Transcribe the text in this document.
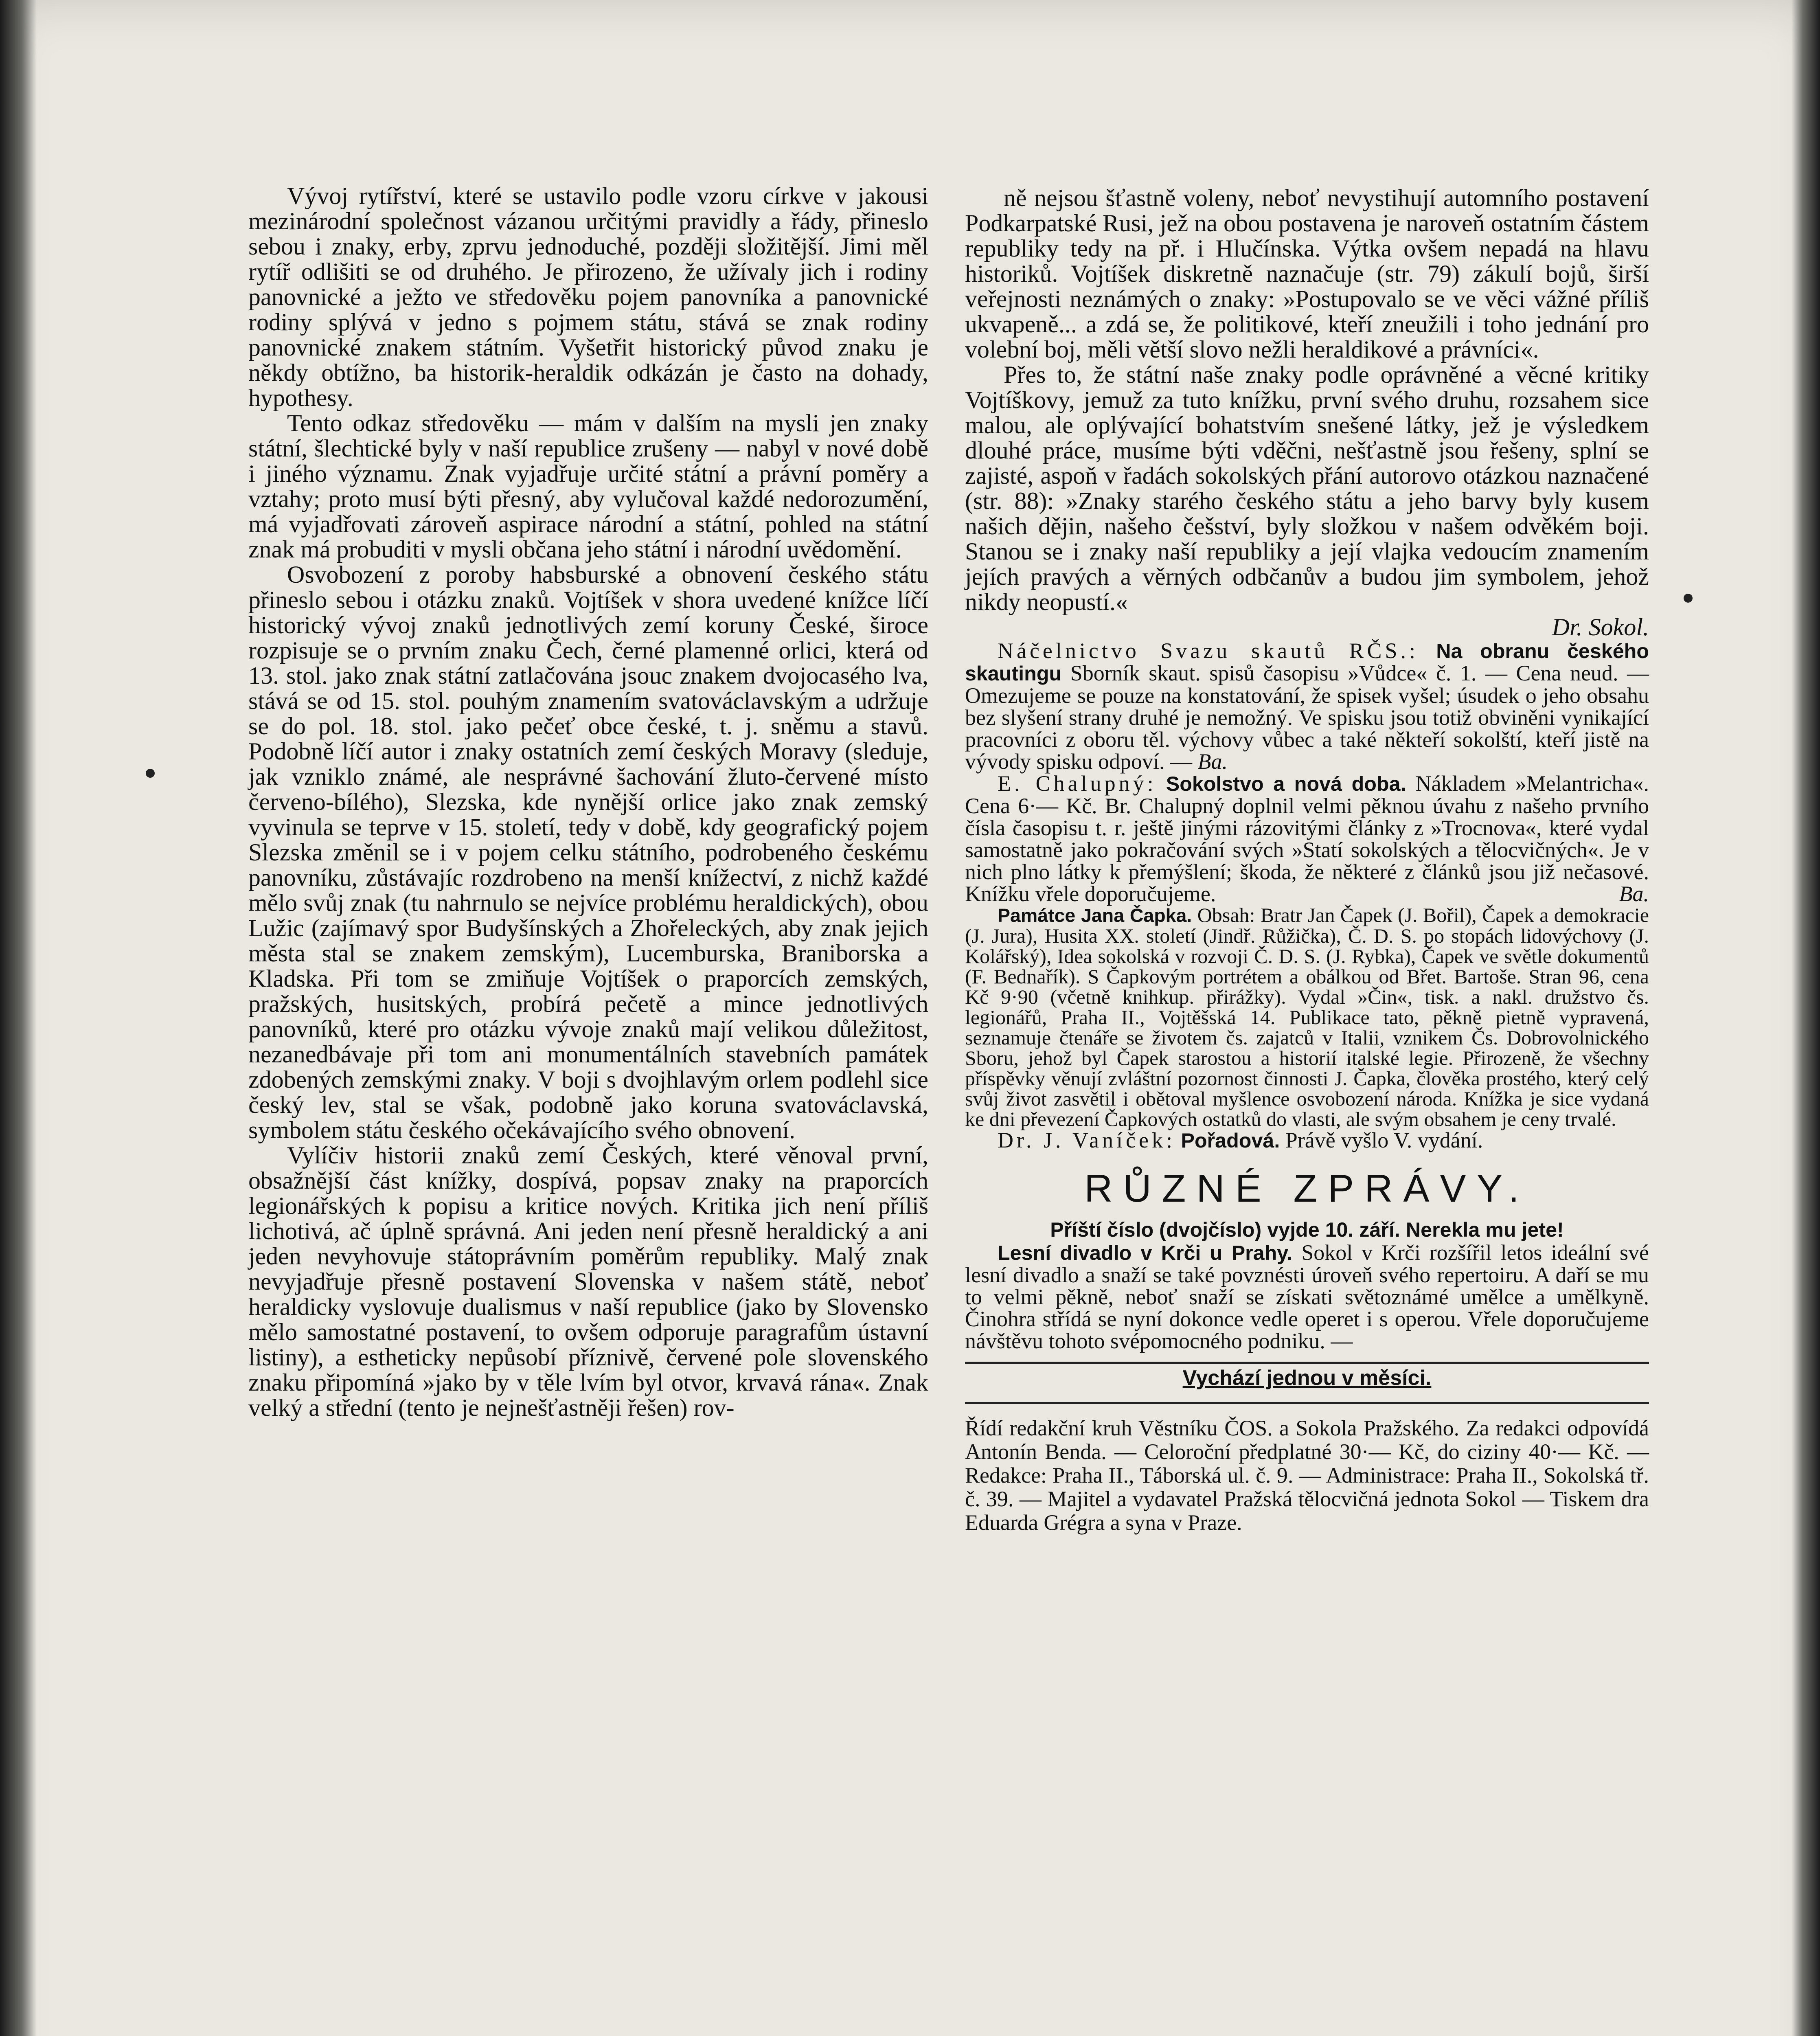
Vývoj rytířství, které se ustavilo podle vzoru církve v jakousi mezinárodní společnost vázanou určitými pravidly a řády, přineslo sebou i znaky, erby, zprvu jednoduché, později složitější. Jimi měl rytíř odlišiti se od druhého. Je přirozeno, že užívaly jich i rodiny panovnické a ježto ve středověku pojem panovníka a panovnické rodiny splývá v jedno s pojmem státu, stává se znak rodiny panovnické znakem státním. Vyšetřit historický původ znaku je někdy obtížno, ba historik-heraldik odkázán je často na dohady, hypothesy.

Tento odkaz středověku — mám v dalším na mysli jen znaky státní, šlechtické byly v naší republice zrušeny — nabyl v nové době i jiného významu. Znak vyjadřuje určité státní a právní poměry a vztahy; proto musí býti přesný, aby vylučoval každé nedorozumění, má vyjadřovati zároveň aspirace národní a státní, pohled na státní znak má probuditi v mysli občana jeho státní i národní uvědomění.

Osvobození z poroby habsburské a obnovení českého státu přineslo sebou i otázku znaků. Vojtíšek v shora uvedené knížce líčí historický vývoj znaků jednotlivých zemí koruny České, široce rozpisuje se o prvním znaku Čech, černé plamenné orlici, která od 13. stol. jako znak státní zatlačována jsouc znakem dvojocasého lva, stává se od 15. stol. pouhým znamením svatováclavským a udržuje se do pol. 18. stol. jako pečeť obce české, t. j. sněmu a stavů. Podobně líčí autor i znaky ostatních zemí českých Moravy (sleduje, jak vzniklo známé, ale nesprávné šachování žluto-červené místo červeno-bílého), Slezska, kde nynější orlice jako znak zemský vyvinula se teprve v 15. století, tedy v době, kdy geografický pojem Slezska změnil se i v pojem celku státního, podrobeného českému panovníku, zůstávajíc rozdrobeno na menší knížectví, z nichž každé mělo svůj znak (tu nahrnulo se nejvíce problému heraldických), obou Lužic (zajímavý spor Budyšínských a Zhořeleckých, aby znak jejich města stal se znakem zemským), Lucemburska, Braniborska a Kladska. Při tom se zmiňuje Vojtíšek o praporcích zemských, pražských, husitských, probírá pečetě a mince jednotlivých panovníků, které pro otázku vývoje znaků mají velikou důležitost, nezanedbávaje při tom ani monumentálních stavebních památek zdobených zemskými znaky. V boji s dvojhlavým orlem podlehl sice český lev, stal se však, podobně jako koruna svatováclavská, symbolem státu českého očekávajícího svého obnovení.

Vylíčiv historii znaků zemí Českých, které věnoval první, obsažnější část knížky, dospívá, popsav znaky na praporcích legionářských k popisu a kritice nových. Kritika jich není příliš lichotivá, ač úplně správná. Ani jeden není přesně heraldický a ani jeden nevyhovuje státoprávním poměrům republiky. Malý znak nevyjadřuje přesně postavení Slovenska v našem státě, neboť heraldicky vyslovuje dualismus v naší republice (jako by Slovensko mělo samostatné postavení, to ovšem odporuje paragrafům ústavní listiny), a estheticky nepůsobí příznivě, červené pole slovenského znaku připomíná »jako by v těle lvím byl otvor, krvavá rána«. Znak velký a střední (tento je nejnešťastněji řešen) rov-

ně nejsou šťastně voleny, neboť nevystihují automního postavení Podkarpatské Rusi, jež na obou postavena je naroveň ostatním částem republiky tedy na př. i Hlučínska. Výtka ovšem nepadá na hlavu historiků. Vojtíšek diskretně naznačuje (str. 79) zákulí bojů, širší veřejnosti neznámých o znaky: »Postupovalo se ve věci vážné příliš ukvapeně... a zdá se, že politikové, kteří zneužili i toho jednání pro volební boj, měli větší slovo nežli heraldikové a právníci«.

Přes to, že státní naše znaky podle oprávněné a věcné kritiky Vojtíškovy, jemuž za tuto knížku, první svého druhu, rozsahem sice malou, ale oplývající bohatstvím snešené látky, jež je výsledkem dlouhé práce, musíme býti vděčni, nešťastně jsou řešeny, splní se zajisté, aspoň v řadách sokolských přání autorovo otázkou naznačené (str. 88): »Znaky starého českého státu a jeho barvy byly kusem našich dějin, našeho češství, byly složkou v našem odvěkém boji. Stanou se i znaky naší republiky a její vlajka vedoucím znamením jejích pravých a věrných odbčanův a budou jim symbolem, jehož nikdy neopustí.«

Dr. Sokol.

Náčelnictvo Svazu skautů RČS.: Na obranu českého skautingu Sborník skaut. spisů časopisu »Vůdce« č. 1. — Cena neud. — Omezujeme se pouze na konstatování, že spisek vyšel; úsudek o jeho obsahu bez slyšení strany druhé je nemožný. Ve spisku jsou totiž obviněni vynikající pracovníci z oboru těl. výchovy vůbec a také někteří sokolští, kteří jistě na vývody spisku odpoví. — Ba.

E. Chalupný: Sokolstvo a nová doba. Nákladem »Melantricha«. Cena 6·— Kč. Br. Chalupný doplnil velmi pěknou úvahu z našeho prvního čísla časopisu t. r. ještě jinými rázovitými články z »Trocnova«, které vydal samostatně jako pokračování svých »Statí sokolských a tělocvičných«. Je v nich plno látky k přemýšlení; škoda, že některé z článků jsou již nečasové. Knížku vřele doporučujeme.	Ba.

Památce Jana Čapka. Obsah: Bratr Jan Čapek (J. Bořil), Čapek a demokracie (J. Jura), Husita XX. století (Jindř. Růžička), Č. D. S. po stopách lidovýchovy (J. Kolářský), Idea sokolská v rozvoji Č. D. S. (J. Rybka), Čapek ve světle dokumentů (F. Bednařík). S Čapkovým portrétem a obálkou od Břet. Bartoše. Stran 96, cena Kč 9·90 (včetně knihkup. přirážky). Vydal »Čin«, tisk. a nakl. družstvo čs. legionářů, Praha II., Vojtěšská 14. Publikace tato, pěkně pietně vypravená, seznamuje čtenáře se životem čs. zajatců v Italii, vznikem Čs. Dobrovolnického Sboru, jehož byl Čapek starostou a historií italské legie. Přirozeně, že všechny příspěvky věnují zvláštní pozornost činnosti J. Čapka, člověka prostého, který celý svůj život zasvětil i obětoval myšlence osvobození národa. Knížka je sice vydaná ke dni převezení Čapkových ostatků do vlasti, ale svým obsahem je ceny trvalé.

Dr. J. Vaníček: Pořadová. Právě vyšlo V. vydání.

RŮZNÉ ZPRÁVY.

Příští číslo (dvojčíslo) vyjde 10. září. Nerekla mu jete!

Lesní divadlo v Krči u Prahy. Sokol v Krči rozšířil letos ideální své lesní divadlo a snaží se také povznésti úroveň svého repertoiru. A daří se mu to velmi pěkně, neboť snaží se získati světoznámé umělce a umělkyně. Činohra střídá se nyní dokonce vedle operet i s operou. Vřele doporučujeme návštěvu tohoto svépomocného podniku. —

Vychází jednou v měsíci.

Řídí redakční kruh Věstníku ČOS. a Sokola Pražského. Za redakci odpovídá Antonín Benda. — Celoroční předplatné 30·— Kč, do ciziny 40·— Kč. — Redakce: Praha II., Táborská ul. č. 9. — Administrace: Praha II., Sokolská tř. č. 39. — Majitel a vydavatel Pražská tělocvičná jednota Sokol — Tiskem dra Eduarda Grégra a syna v Praze.
